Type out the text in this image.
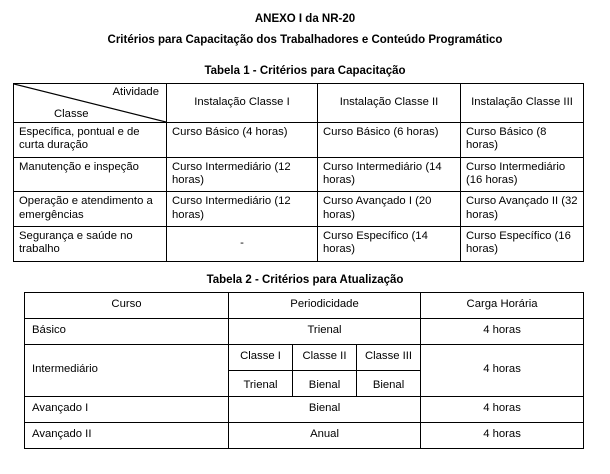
ANEXO I da NR-20
Critérios para Capacitação dos Trabalhadores e Conteúdo Programático
Tabela 1 - Critérios para Capacitação
Atividade
Classe	Instalação Classe I	Instalação Classe II	Instalação Classe III
Específica, pontual e de curta duração	Curso Básico (4 horas)	Curso Básico (6 horas)	Curso Básico (8 horas)
Manutenção e inspeção	Curso Intermediário (12 horas)	Curso Intermediário (14 horas)	Curso Intermediário (16 horas)
Operação e atendimento a emergências	Curso Intermediário (12 horas)	Curso Avançado I (20 horas)	Curso Avançado II (32 horas)
Segurança e saúde no trabalho	-	Curso Específico (14 horas)	Curso Específico (16 horas)
Tabela 2 - Critérios para Atualização
Curso	Periodicidade			Carga Horária
Básico	Trienal			4 horas
Intermediário	Classe I	Classe II	Classe III	4 horas
	Trienal	Bienal	Bienal	
Avançado I	Bienal			4 horas
Avançado II	Anual			4 horas
